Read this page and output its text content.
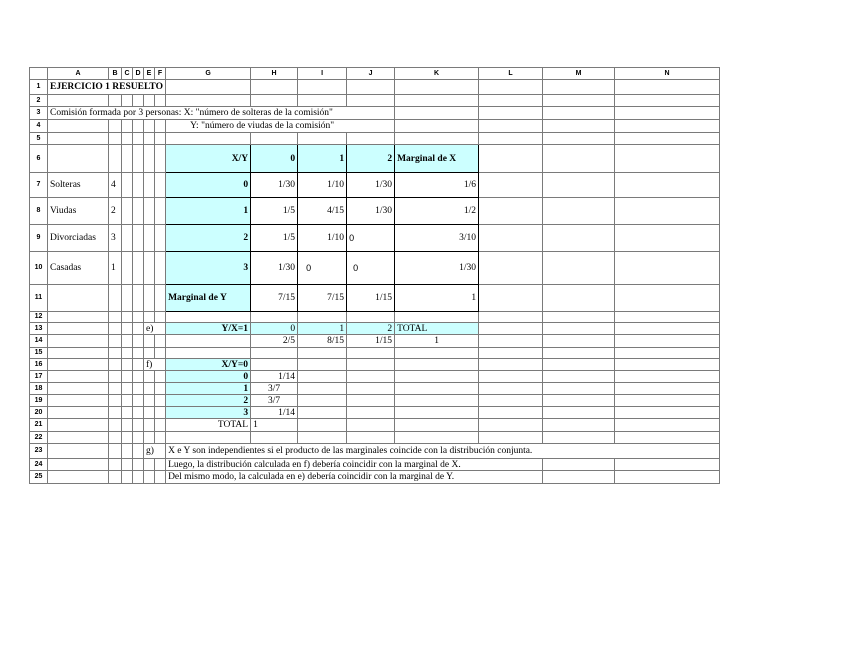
	A	B	C	D	E	F	G	H	I	J	K	L	M	N
1	EJERCICIO 1 RESUELTO													
2														
3	Comisión formada por 3 personas: X: "número de solteras de la comisión"													
4							Y: "número de viudas de la comisión"							
5														
6							X/Y	0	1	2	Marginal de X			
7	Solteras	4					0	1/30	1/10	1/30	1/6			
8	Viudas	2					1	1/5	4/15	1/30	1/2			
9	Divorciadas	3					2	1/5	1/10	0	3/10			
10	Casadas	1					3	1/30	0	0	1/30			
11							Marginal de Y	7/15	7/15	1/15	1			
12														
13					e)		Y/X=1	0	1	2	TOTAL			
14								2/5	8/15	1/15	1			
15														
16					f)		X/Y=0							
17							0	1/14						
18							1	3/7						
19							2	3/7						
20							3	1/14						
21							TOTAL	1						
22														
23					g)		X e Y son independientes si el producto de las marginales coincide con la distribución conjunta.							
24							Luego, la distribución calculada en f) debería coincidir con la marginal de X.							
25							Del mismo modo, la calculada en e) debería coincidir con la marginal de Y.							
